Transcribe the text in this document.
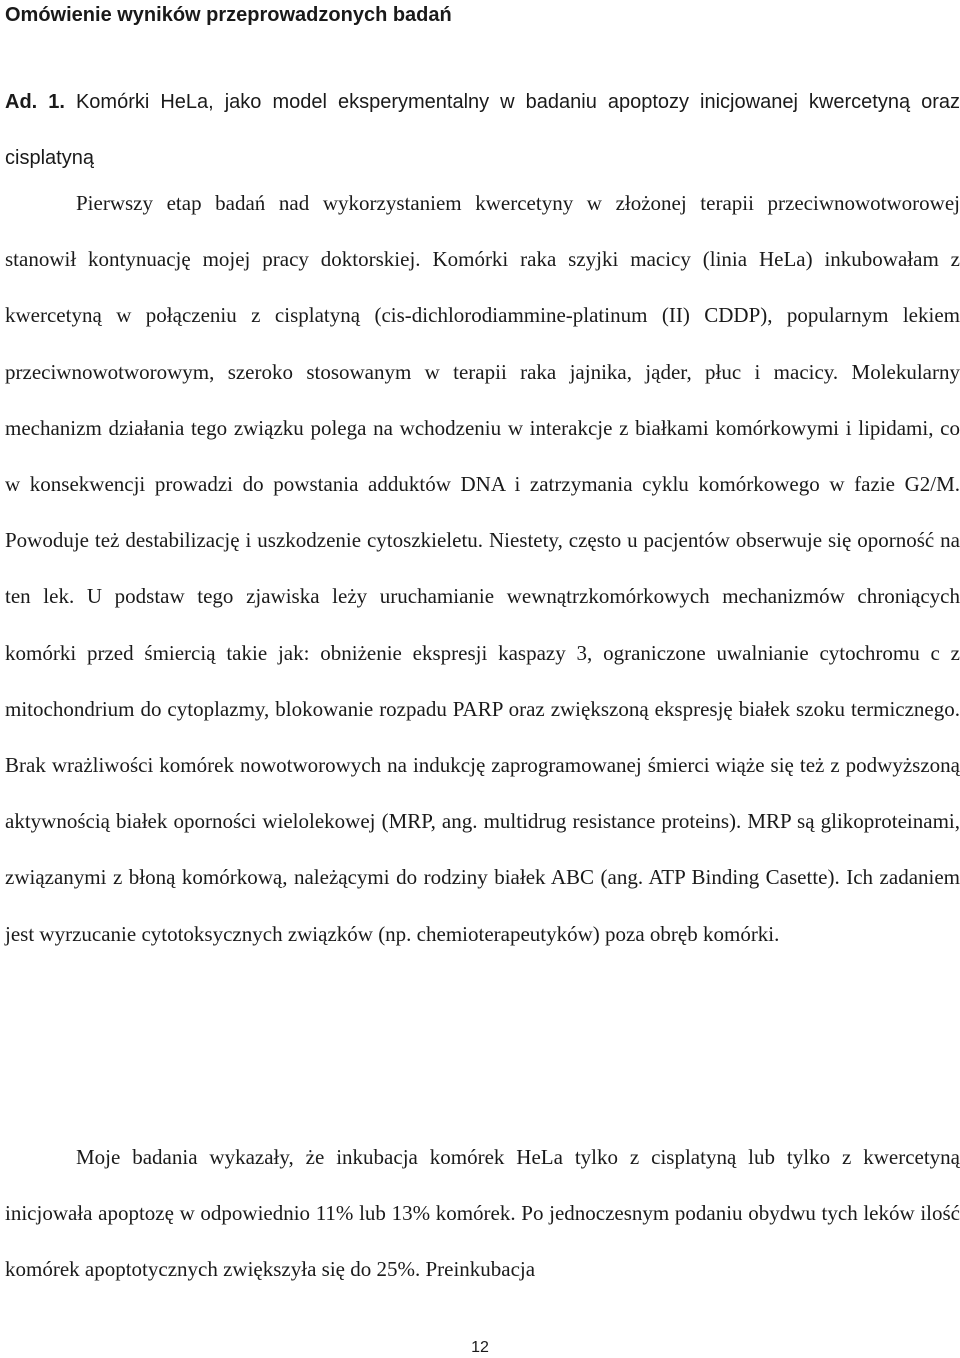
Omówienie wyników przeprowadzonych badań

Ad. 1. Komórki HeLa, jako model eksperymentalny w badaniu apoptozy inicjowanej kwercetyną oraz cisplatyną

Pierwszy etap badań nad wykorzystaniem kwercetyny w złożonej terapii przeciwnowotworowej stanowił kontynuację mojej pracy doktorskiej. Komórki raka szyjki macicy (linia HeLa) inkubowałam z kwercetyną w połączeniu z cisplatyną (cis-dichlorodiammine-platinum (II) CDDP), popularnym lekiem przeciwnowotworowym, szeroko stosowanym w terapii raka jajnika, jąder, płuc i macicy. Molekularny mechanizm działania tego związku polega na wchodzeniu w interakcje z białkami komórkowymi i lipidami, co w konsekwencji prowadzi do powstania adduktów DNA i zatrzymania cyklu komórkowego w fazie G2/M. Powoduje też destabilizację i uszkodzenie cytoszkieletu. Niestety, często u pacjentów obserwuje się oporność na ten lek. U podstaw tego zjawiska leży uruchamianie wewnątrzkomórkowych mechanizmów chroniących komórki przed śmiercią takie jak: obniżenie ekspresji kaspazy 3, ograniczone uwalnianie cytochromu c z mitochondrium do cytoplazmy, blokowanie rozpadu PARP oraz zwiększoną ekspresję białek szoku termicznego. Brak wrażliwości komórek nowotworowych na indukcję zaprogramowanej śmierci wiąże się też z podwyższoną aktywnością białek oporności wielolekowej (MRP, ang. multidrug resistance proteins). MRP są glikoproteinami, związanymi z błoną komórkową, należącymi do rodziny białek ABC (ang. ATP Binding Casette). Ich zadaniem jest wyrzucanie cytotoksycznych związków (np. chemioterapeutyków) poza obręb komórki.

Moje badania wykazały, że inkubacja komórek HeLa tylko z cisplatyną lub tylko z kwercetyną inicjowała apoptozę w odpowiednio 11% lub 13% komórek. Po jednoczesnym podaniu obydwu tych leków ilość komórek apoptotycznych zwiększyła się do 25%. Preinkubacja

12
